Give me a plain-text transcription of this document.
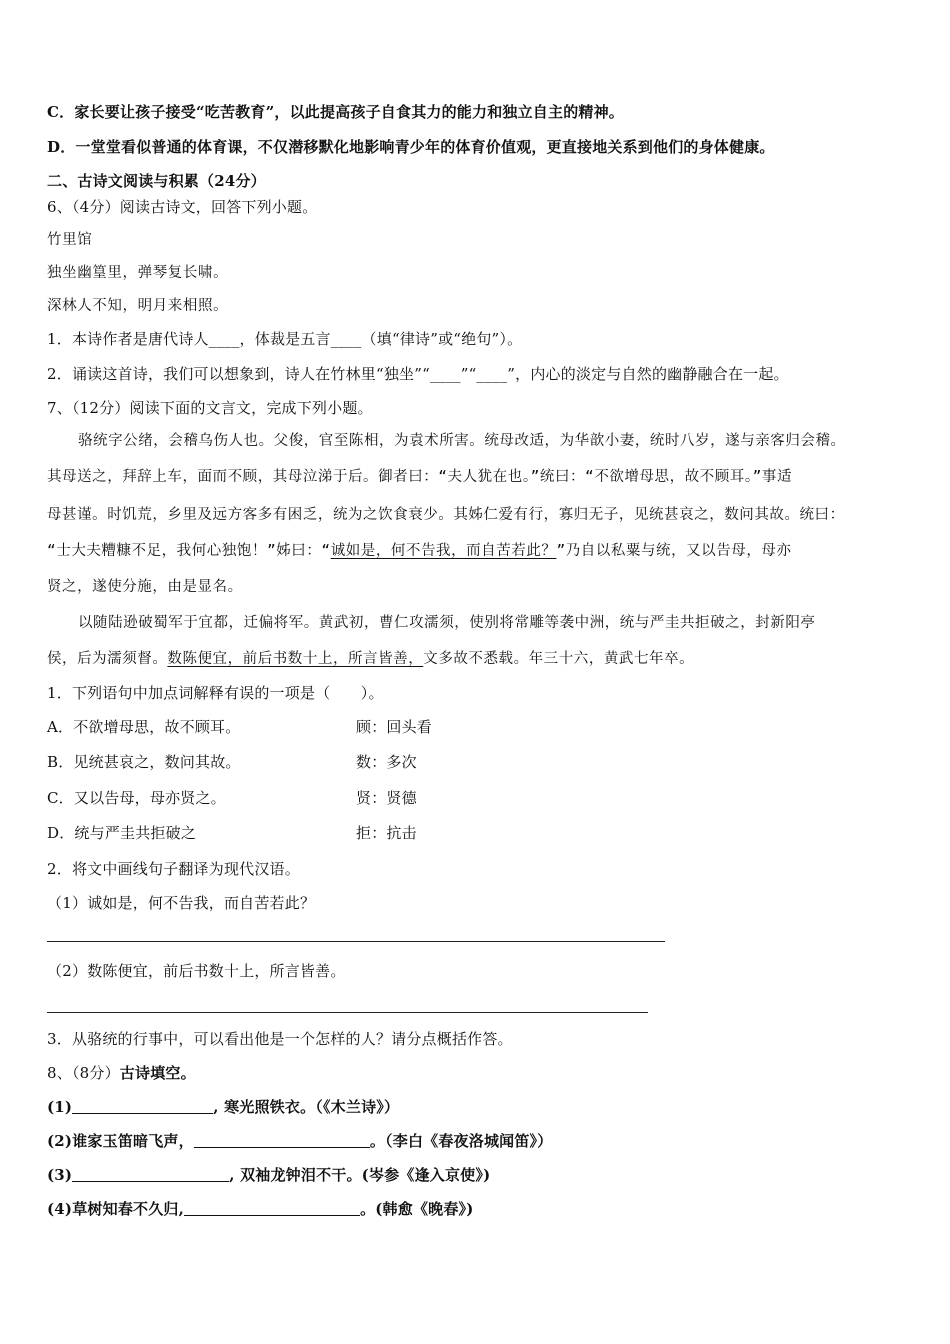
C．家长要让孩子接受“吃苦教育”，以此提高孩子自食其力的能力和独立自主的精神。
D．一堂堂看似普通的体育课，不仅潜移默化地影响青少年的体育价值观，更直接地关系到他们的身体健康。
二、古诗文阅读与积累（24分）
6、（4分）阅读古诗文，回答下列小题。
竹里馆
独坐幽篁里，弹琴复长啸。
深林人不知，明月来相照。
1．本诗作者是唐代诗人____，体裁是五言____（填“律诗”或“绝句”）。
2．诵读这首诗，我们可以想象到，诗人在竹林里“独坐”“____”“____”，内心的淡定与自然的幽静融合在一起。
7、（12分）阅读下面的文言文，完成下列小题。
骆统字公绪，会稽乌伤人也。父俊，官至陈相，为袁术所害。统母改适，为华歆小妻，统时八岁，遂与亲客归会稽。
其母送之，拜辞上车，面而不顾，其母泣涕于后。御者曰：“夫人犹在也。”统曰：“不欲增母思，故不顾耳。”事适
母甚谨。时饥荒，乡里及远方客多有困乏，统为之饮食衰少。其姊仁爱有行，寡归无子，见统甚哀之，数问其故。统曰：
“士大夫糟糠不足，我何心独饱！”姊曰：“诚如是，何不告我，而自苦若此？”乃自以私粟与统，又以告母，母亦
贤之，遂使分施，由是显名。
以随陆逊破蜀军于宜都，迁偏将军。黄武初，曹仁攻濡须，使别将常雕等袭中洲，统与严圭共拒破之，封新阳亭
侯，后为濡须督。数陈便宜，前后书数十上，所言皆善，文多故不悉载。年三十六，黄武七年卒。
1．下列语句中加点词解释有误的一项是（　　）。
A．不欲增母思，故不顾耳。	顾：回头看
B．见统甚哀之，数问其故。	数：多次
C．又以告母，母亦贤之。	贤：贤德
D．统与严圭共拒破之	拒：抗击
2．将文中画线句子翻译为现代汉语。
（1）诚如是，何不告我，而自苦若此？
（2）数陈便宜，前后书数十上，所言皆善。
3．从骆统的行事中，可以看出他是一个怎样的人？请分点概括作答。
8、（8分）古诗填空。
(1)	, 寒光照铁衣。（《木兰诗》）
(2)谁家玉笛暗飞声，	。（李白《春夜洛城闻笛》）
(3)	, 双袖龙钟泪不干。(岑参《逢入京使》)
(4)草树知春不久归,	。(韩愈《晚春》)
